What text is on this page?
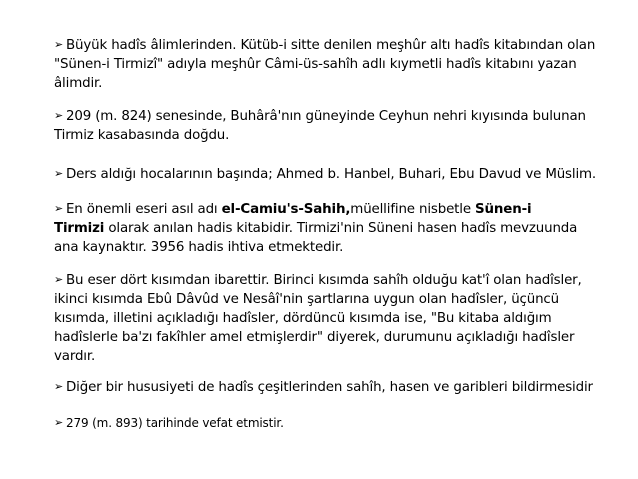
➢ Büyük hadîs âlimlerinden. Kütüb-i sitte denilen meşhûr altı hadîs kitabından olan
"Sünen-i Tirmizî" adıyla meşhûr Câmi-üs-sahîh adlı kıymetli hadîs kitabını yazan
âlimdir.
➢ 209 (m. 824) senesinde, Buhârâ'nın güneyinde Ceyhun nehri kıyısında bulunan
Tirmiz kasabasında doğdu.
➢ Ders aldığı hocalarının başında; Ahmed b. Hanbel, Buhari, Ebu Davud ve Müslim.
➢ En önemli eseri asıl adı el-Camiu's-Sahih,müellifine nisbetle Sünen-i
Tirmizi olarak anılan hadis kitabidir. Tirmizi'nin Süneni hasen hadîs mevzuunda
ana kaynaktır. 3956 hadis ihtiva etmektedir.
➢ Bu eser dört kısımdan ibarettir. Birinci kısımda sahîh olduğu kat'î olan hadîsler,
ikinci kısımda Ebû Dâvûd ve Nesâî'nin şartlarına uygun olan hadîsler, üçüncü
kısımda, illetini açıkladığı hadîsler, dördüncü kısımda ise, "Bu kitaba aldığım
hadîslerle ba'zı fakîhler amel etmişlerdir" diyerek, durumunu açıkladığı hadîsler
vardır.
➢ Diğer bir hususiyeti de hadîs çeşitlerinden sahîh, hasen ve garibleri bildirmesidir
➢ 279 (m. 893) tarihinde vefat etmistir.
